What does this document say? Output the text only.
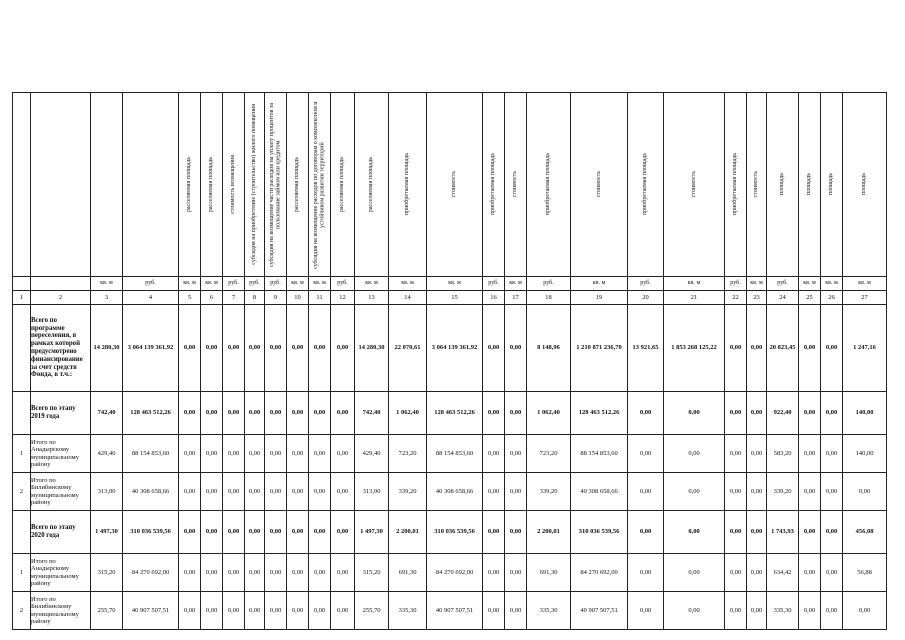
				расселяемая площадь	расселяемая площадь	стоимость возмещения	субсидия на приобретение (строительство) жилого помещения	субсидия на возмещение части расходов на уплату процентов за пользование займом или кредитом	расселяемая площадь	субсидия на возмещение расходов по договорам о комплексном и устойчивом развитии территорий	расселяемая площадь	расселяемая площадь	приобретаемая площадь	стоимость	приобретаемая площадь	стоимость	приобретаемая площадь	стоимость	приобретаемая площадь	стоимость	приобретаемая площадь	стоимость	площадь	площадь	площадь	площадь

		кв. м	руб.	кв. м	кв. м	руб.	руб.	руб.	кв. м	кв. м	руб.	кв. м	кв. м	кв. м	руб.	кв. м	руб.	кв. м	руб.	кв. м	руб.	кв. м	руб.	кв. м	кв. м	кв. м
1	2	3	4	5	6	7	8	9	10	11	12	13	14	15	16	17	18	19	20	21	22	23	24	25	26	27
	Всего по программе переселения, в рамках которой предусмотрено финансирование за счет средств Фонда, в т.ч.:	14 280,30	3 064 139 361,92	0,00	0,00	0,00	0,00	0,00	0,00	0,00	0,00	14 280,30	22 070,61	3 064 139 361,92	0,00	0,00	8 148,96	1 210 871 236,70	13 921,65	1 853 268 125,22	0,00	0,00	20 823,45	0,00	0,00	1 247,16
	Всего по этапу 2019 года	742,40	128 463 512,26	0,00	0,00	0,00	0,00	0,00	0,00	0,00	0,00	742,40	1 062,40	128 463 512,26	0,00	0,00	1 062,40	128 463 512,26	0,00	0,00	0,00	0,00	922,40	0,00	0,00	140,00
1	Итого по Анадырскому муниципальному району	429,40	88 154 853,60	0,00	0,00	0,00	0,00	0,00	0,00	0,00	0,00	429,40	723,20	88 154 853,60	0,00	0,00	723,20	88 154 853,60	0,00	0,00	0,00	0,00	583,20	0,00	0,00	140,00
2	Итого по Билибинскому муниципальному району	313,00	40 308 658,66	0,00	0,00	0,00	0,00	0,00	0,00	0,00	0,00	313,00	339,20	40 308 658,66	0,00	0,00	339,20	40 308 658,66	0,00	0,00	0,00	0,00	339,20	0,00	0,00	0,00
	Всего по этапу 2020 года	1 497,30	310 036 539,56	0,00	0,00	0,00	0,00	0,00	0,00	0,00	0,00	1 497,30	2 200,01	310 036 539,56	0,00	0,00	2 200,01	310 036 539,56	0,00	0,00	0,00	0,00	1 743,93	0,00	0,00	456,08
1	Итого по Анадырскому муниципальному району	315,20	84 270 692,00	0,00	0,00	0,00	0,00	0,00	0,00	0,00	0,00	315,20	691,30	84 270 692,00	0,00	0,00	691,30	84 270 692,00	0,00	0,00	0,00	0,00	634,42	0,00	0,00	56,88
2	Итого по Билибинскому муниципальному району	255,70	40 907 507,51	0,00	0,00	0,00	0,00	0,00	0,00	0,00	0,00	255,70	335,30	40 907 507,51	0,00	0,00	335,30	40 907 507,51	0,00	0,00	0,00	0,00	335,30	0,00	0,00	0,00
